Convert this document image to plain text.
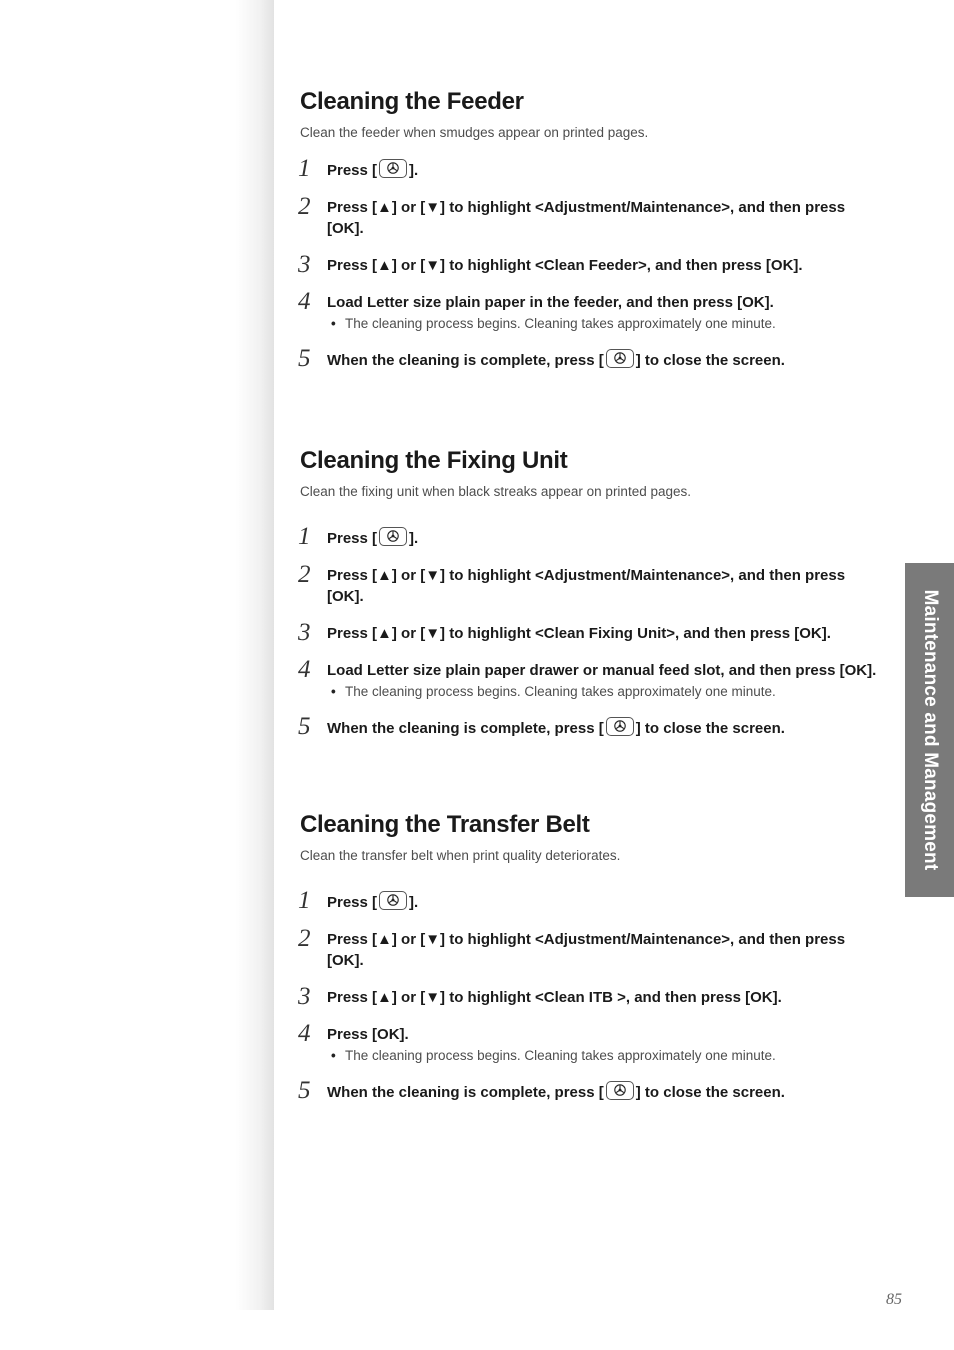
Cleaning the Feeder

Clean the feeder when smudges appear on printed pages.

1 Press [ ].
2 Press [▲] or [▼] to highlight <Adjustment/Maintenance>, and then press [OK].
3 Press [▲] or [▼] to highlight <Clean Feeder>, and then press [OK].
4 Load Letter size plain paper in the feeder, and then press [OK].
• The cleaning process begins. Cleaning takes approximately one minute.
5 When the cleaning is complete, press [ ] to close the screen.
Cleaning the Fixing Unit

Clean the fixing unit when black streaks appear on printed pages.

1 Press [ ].
2 Press [▲] or [▼] to highlight <Adjustment/Maintenance>, and then press [OK].
3 Press [▲] or [▼] to highlight <Clean Fixing Unit>, and then press [OK].
4 Load Letter size plain paper drawer or manual feed slot, and then press [OK].
• The cleaning process begins. Cleaning takes approximately one minute.
5 When the cleaning is complete, press [ ] to close the screen.
Cleaning the Transfer Belt

Clean the transfer belt when print quality deteriorates.

1 Press [ ].
2 Press [▲] or [▼] to highlight <Adjustment/Maintenance>, and then press [OK].
3 Press [▲] or [▼] to highlight <Clean ITB >, and then press [OK].
4 Press [OK].
• The cleaning process begins. Cleaning takes approximately one minute.
5 When the cleaning is complete, press [ ] to close the screen.
Maintenance and Management
85
